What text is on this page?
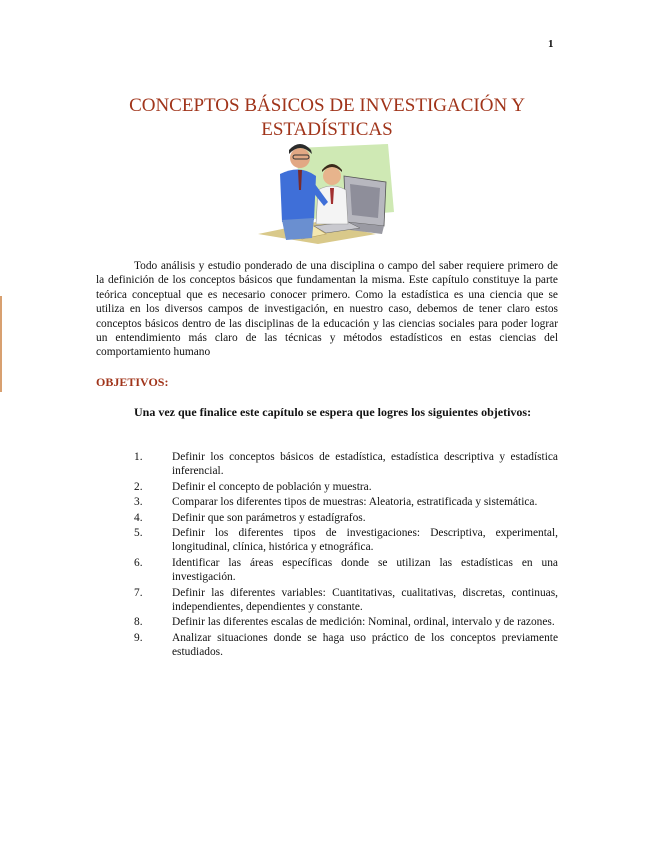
1
CONCEPTOS BÁSICOS DE INVESTIGACIÓN Y
ESTADÍSTICAS

Todo análisis y estudio ponderado de una disciplina o campo del saber requiere primero de la definición de los conceptos básicos que fundamentan la misma. Este capítulo constituye la parte teórica conceptual que es necesario conocer primero. Como la estadística es una ciencia que se utiliza en los diversos campos de investigación, en nuestro caso, debemos de tener claro estos conceptos básicos dentro de las disciplinas de la educación y las ciencias sociales para poder lograr un entendimiento más claro de las técnicas y métodos estadísticos en estas ciencias del comportamiento humano

OBJETIVOS:

Una vez que finalice este capítulo se espera que logres los siguientes objetivos:

1.	Definir los conceptos básicos de estadística, estadística descriptiva y estadística inferencial.
2.	Definir el concepto de población y muestra.
3.	Comparar los diferentes tipos de muestras: Aleatoria, estratificada y sistemática.
4.	Definir que son parámetros y estadígrafos.
5.	Definir los diferentes tipos de investigaciones: Descriptiva, experimental, longitudinal, clínica, histórica y etnográfica.
6.	Identificar las áreas específicas donde se utilizan las estadísticas en una investigación.
7.	Definir las diferentes variables: Cuantitativas, cualitativas, discretas, continuas, independientes, dependientes y constante.
8.	Definir las diferentes escalas de medición: Nominal, ordinal, intervalo y de razones.
9.	Analizar situaciones donde se haga uso práctico de los conceptos previamente estudiados.
